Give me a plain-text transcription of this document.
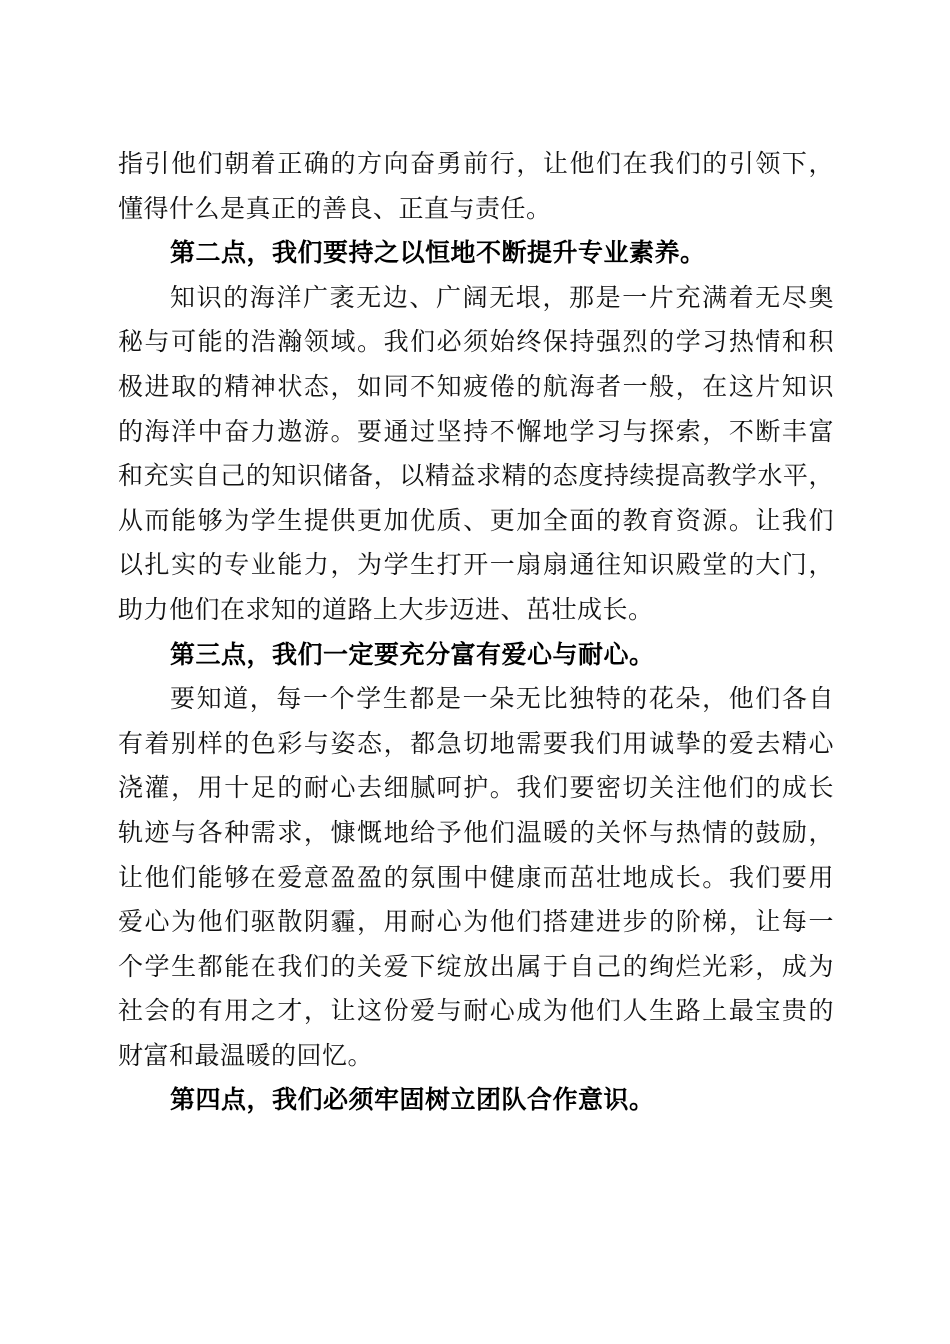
指引他们朝着正确的方向奋勇前行，让他们在我们的引领下，
懂得什么是真正的善良、正直与责任。
第二点，我们要持之以恒地不断提升专业素养。
知识的海洋广袤无边、广阔无垠，那是一片充满着无尽奥
秘与可能的浩瀚领域。我们必须始终保持强烈的学习热情和积
极进取的精神状态，如同不知疲倦的航海者一般，在这片知识
的海洋中奋力遨游。要通过坚持不懈地学习与探索，不断丰富
和充实自己的知识储备，以精益求精的态度持续提高教学水平，
从而能够为学生提供更加优质、更加全面的教育资源。让我们
以扎实的专业能力，为学生打开一扇扇通往知识殿堂的大门，
助力他们在求知的道路上大步迈进、茁壮成长。
第三点，我们一定要充分富有爱心与耐心。
要知道，每一个学生都是一朵无比独特的花朵，他们各自
有着别样的色彩与姿态，都急切地需要我们用诚挚的爱去精心
浇灌，用十足的耐心去细腻呵护。我们要密切关注他们的成长
轨迹与各种需求，慷慨地给予他们温暖的关怀与热情的鼓励，
让他们能够在爱意盈盈的氛围中健康而茁壮地成长。我们要用
爱心为他们驱散阴霾，用耐心为他们搭建进步的阶梯，让每一
个学生都能在我们的关爱下绽放出属于自己的绚烂光彩，成为
社会的有用之才，让这份爱与耐心成为他们人生路上最宝贵的
财富和最温暖的回忆。
第四点，我们必须牢固树立团队合作意识。
